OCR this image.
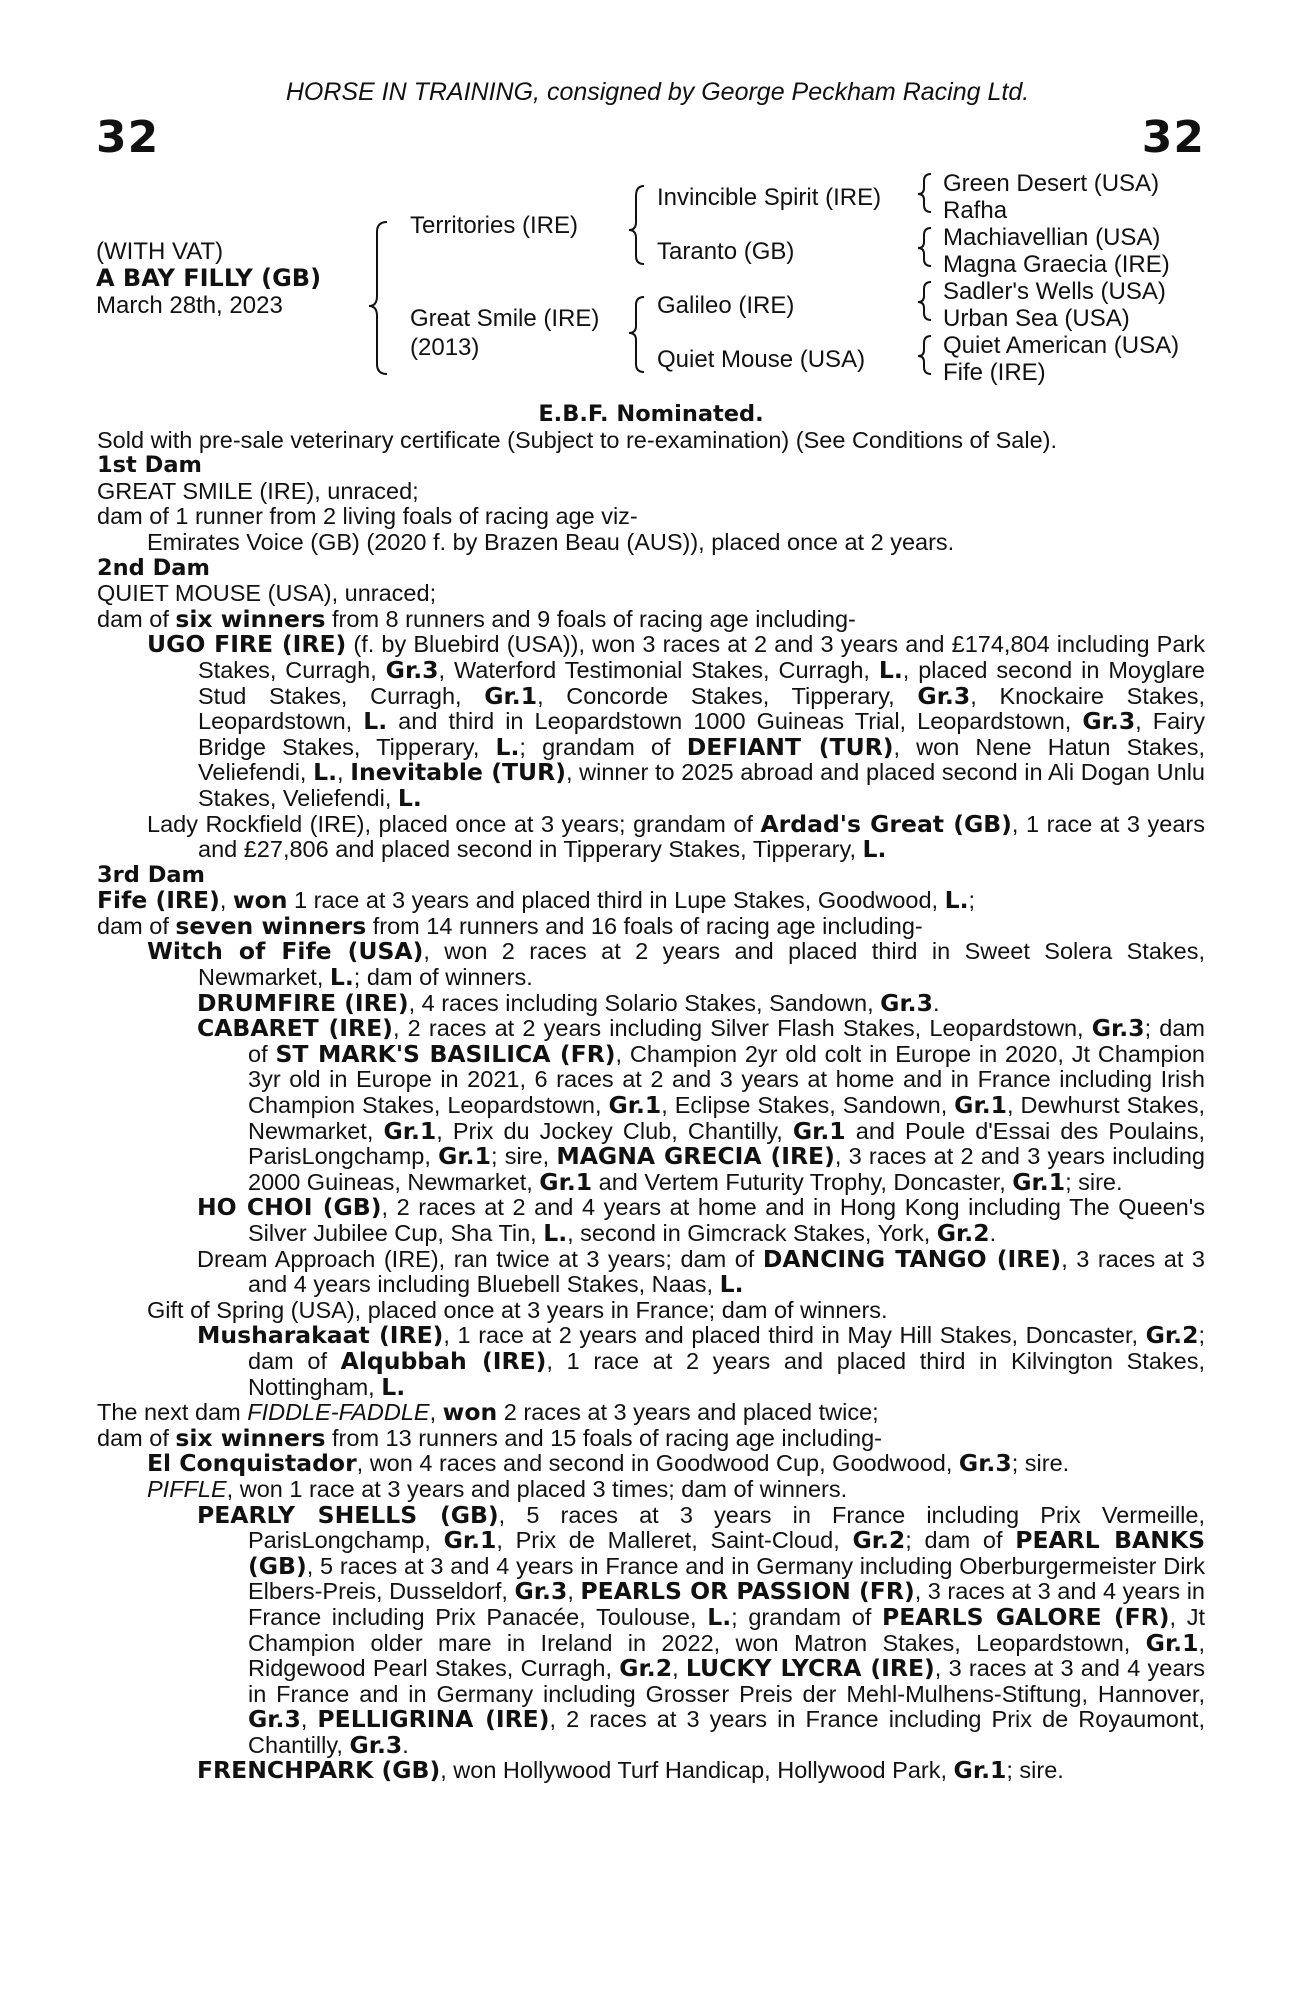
HORSE IN TRAINING, consigned by George Peckham Racing Ltd.
32	32
(WITH VAT)
A BAY FILLY (GB)
March 28th, 2023
Territories (IRE)
Great Smile (IRE)
(2013)
Invincible Spirit (IRE)
Taranto (GB)
Galileo (IRE)
Quiet Mouse (USA)
Green Desert (USA)
Rafha
Machiavellian (USA)
Magna Graecia (IRE)
Sadler's Wells (USA)
Urban Sea (USA)
Quiet American (USA)
Fife (IRE)

E.B.F. Nominated.

Sold with pre-sale veterinary certificate (Subject to re-examination) (See Conditions of Sale).

1st Dam

GREAT SMILE (IRE), unraced;

dam of 1 runner from 2 living foals of racing age viz-

Emirates Voice (GB) (2020 f. by Brazen Beau (AUS)), placed once at 2 years.

2nd Dam

QUIET MOUSE (USA), unraced;

dam of six winners from 8 runners and 9 foals of racing age including-

UGO FIRE (IRE) (f. by Bluebird (USA)), won 3 races at 2 and 3 years and £174,804 including Park Stakes, Curragh, Gr.3, Waterford Testimonial Stakes, Curragh, L., placed second in Moyglare Stud Stakes, Curragh, Gr.1, Concorde Stakes, Tipperary, Gr.3, Knockaire Stakes, Leopardstown, L. and third in Leopardstown 1000 Guineas Trial, Leopardstown, Gr.3, Fairy Bridge Stakes, Tipperary, L.; grandam of DEFIANT (TUR), won Nene Hatun Stakes, Veliefendi, L., Inevitable (TUR), winner to 2025 abroad and placed second in Ali Dogan Unlu Stakes, Veliefendi, L.

Lady Rockfield (IRE), placed once at 3 years; grandam of Ardad's Great (GB), 1 race at 3 years and £27,806 and placed second in Tipperary Stakes, Tipperary, L.

3rd Dam

Fife (IRE), won 1 race at 3 years and placed third in Lupe Stakes, Goodwood, L.;

dam of seven winners from 14 runners and 16 foals of racing age including-

Witch of Fife (USA), won 2 races at 2 years and placed third in Sweet Solera Stakes, Newmarket, L.; dam of winners.

DRUMFIRE (IRE), 4 races including Solario Stakes, Sandown, Gr.3.

CABARET (IRE), 2 races at 2 years including Silver Flash Stakes, Leopardstown, Gr.3; dam of ST MARK'S BASILICA (FR), Champion 2yr old colt in Europe in 2020, Jt Champion 3yr old in Europe in 2021, 6 races at 2 and 3 years at home and in France including Irish Champion Stakes, Leopardstown, Gr.1, Eclipse Stakes, Sandown, Gr.1, Dewhurst Stakes, Newmarket, Gr.1, Prix du Jockey Club, Chantilly, Gr.1 and Poule d'Essai des Poulains, ParisLongchamp, Gr.1; sire, MAGNA GRECIA (IRE), 3 races at 2 and 3 years including 2000 Guineas, Newmarket, Gr.1 and Vertem Futurity Trophy, Doncaster, Gr.1; sire.

HO CHOI (GB), 2 races at 2 and 4 years at home and in Hong Kong including The Queen's Silver Jubilee Cup, Sha Tin, L., second in Gimcrack Stakes, York, Gr.2.

Dream Approach (IRE), ran twice at 3 years; dam of DANCING TANGO (IRE), 3 races at 3 and 4 years including Bluebell Stakes, Naas, L.

Gift of Spring (USA), placed once at 3 years in France; dam of winners.

Musharakaat (IRE), 1 race at 2 years and placed third in May Hill Stakes, Doncaster, Gr.2; dam of Alqubbah (IRE), 1 race at 2 years and placed third in Kilvington Stakes, Nottingham, L.

The next dam FIDDLE-FADDLE, won 2 races at 3 years and placed twice;

dam of six winners from 13 runners and 15 foals of racing age including-

El Conquistador, won 4 races and second in Goodwood Cup, Goodwood, Gr.3; sire.

PIFFLE, won 1 race at 3 years and placed 3 times; dam of winners.

PEARLY SHELLS (GB), 5 races at 3 years in France including Prix Vermeille, ParisLongchamp, Gr.1, Prix de Malleret, Saint-Cloud, Gr.2; dam of PEARL BANKS (GB), 5 races at 3 and 4 years in France and in Germany including Oberburgermeister Dirk Elbers-Preis, Dusseldorf, Gr.3, PEARLS OR PASSION (FR), 3 races at 3 and 4 years in France including Prix Panacée, Toulouse, L.; grandam of PEARLS GALORE (FR), Jt Champion older mare in Ireland in 2022, won Matron Stakes, Leopardstown, Gr.1, Ridgewood Pearl Stakes, Curragh, Gr.2, LUCKY LYCRA (IRE), 3 races at 3 and 4 years in France and in Germany including Grosser Preis der Mehl-Mulhens-Stiftung, Hannover, Gr.3, PELLIGRINA (IRE), 2 races at 3 years in France including Prix de Royaumont, Chantilly, Gr.3.

FRENCHPARK (GB), won Hollywood Turf Handicap, Hollywood Park, Gr.1; sire.
